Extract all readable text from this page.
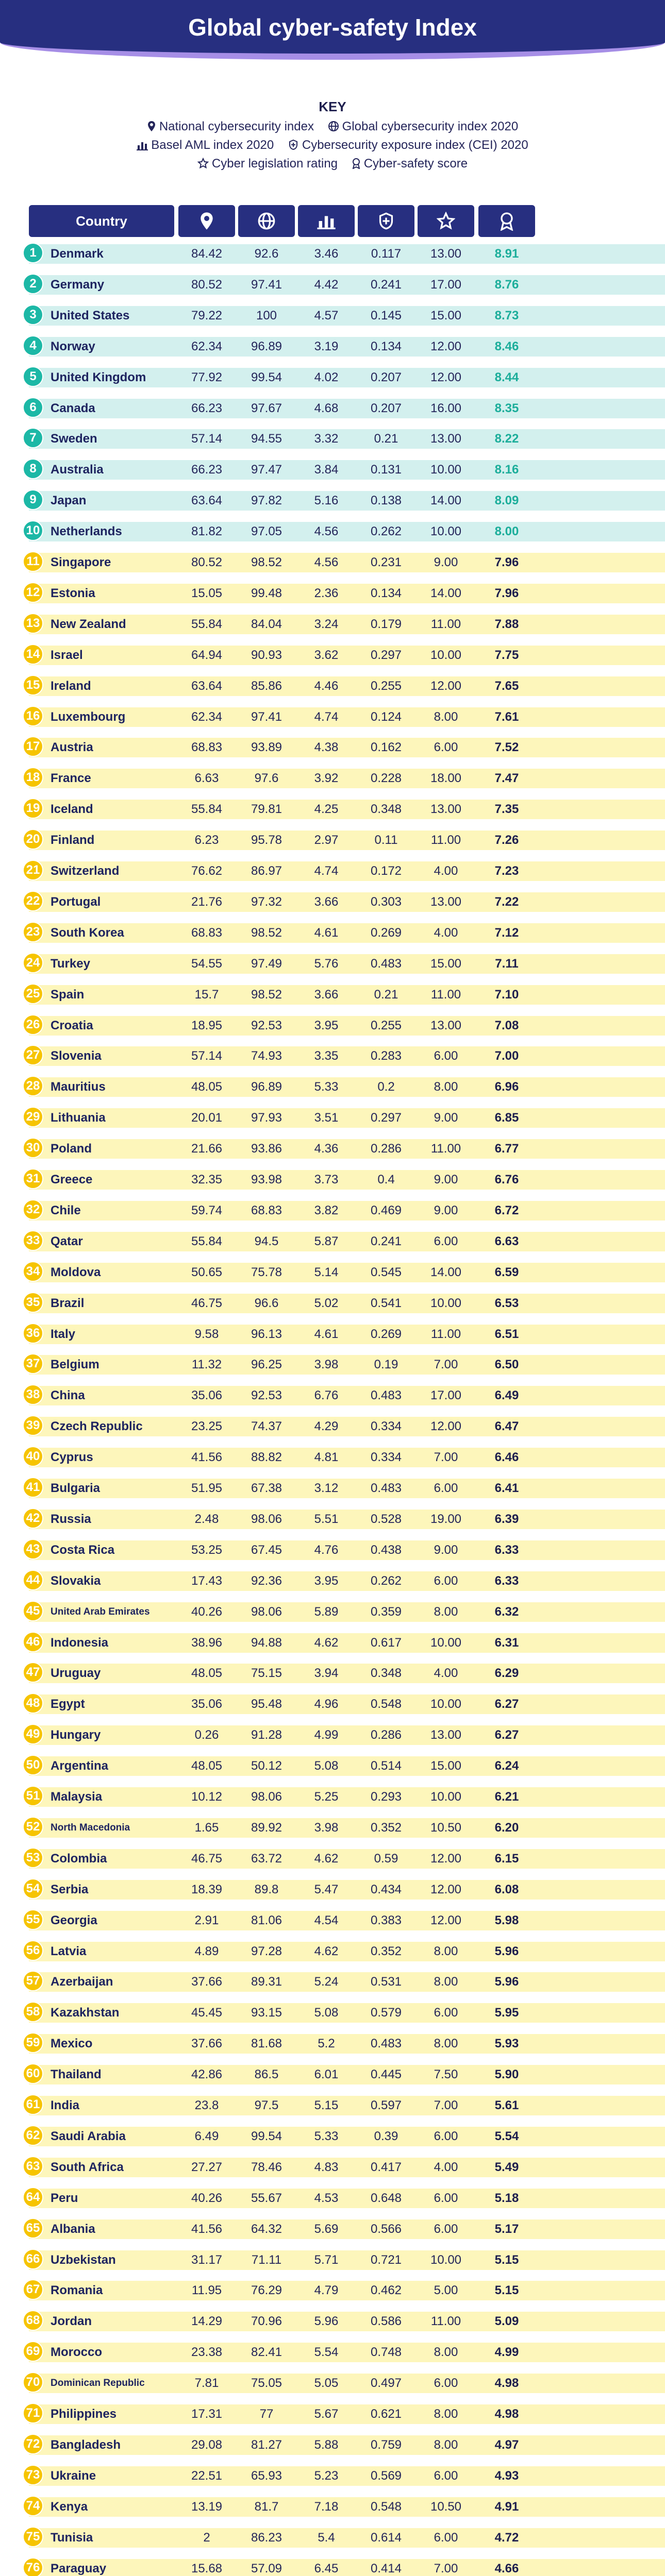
Global cyber-safety Index
KEY
National cybersecurity index Global cybersecurity index 2020
Basel AML index 2020 Cybersecurity exposure index (CEI) 2020
Cyber legislation rating Cyber-safety score
Country
1	Denmark	84.42	92.6	3.46	0.117	13.00	8.91
2	Germany	80.52	97.41	4.42	0.241	17.00	8.76
3	United States	79.22	100	4.57	0.145	15.00	8.73
4	Norway	62.34	96.89	3.19	0.134	12.00	8.46
5	United Kingdom	77.92	99.54	4.02	0.207	12.00	8.44
6	Canada	66.23	97.67	4.68	0.207	16.00	8.35
7	Sweden	57.14	94.55	3.32	0.21	13.00	8.22
8	Australia	66.23	97.47	3.84	0.131	10.00	8.16
9	Japan	63.64	97.82	5.16	0.138	14.00	8.09
10 Netherlands	81.82	97.05	4.56	0.262	10.00	8.00
11 Singapore	80.52	98.52	4.56	0.231	9.00	7.96
12 Estonia	15.05	99.48	2.36	0.134	14.00	7.96
13 New Zealand	55.84	84.04	3.24	0.179	11.00	7.88
14 Israel	64.94	90.93	3.62	0.297	10.00	7.75
15 Ireland	63.64	85.86	4.46	0.255	12.00	7.65
16 Luxembourg	62.34	97.41	4.74	0.124	8.00	7.61
17 Austria	68.83	93.89	4.38	0.162	6.00	7.52
18 France	6.63	97.6	3.92	0.228	18.00	7.47
19 Iceland	55.84	79.81	4.25	0.348	13.00	7.35
20 Finland	6.23	95.78	2.97	0.11	11.00	7.26
21 Switzerland	76.62	86.97	4.74	0.172	4.00	7.23
22 Portugal	21.76	97.32	3.66	0.303	13.00	7.22
23 South Korea	68.83	98.52	4.61	0.269	4.00	7.12
24 Turkey	54.55	97.49	5.76	0.483	15.00	7.11
25 Spain	15.7	98.52	3.66	0.21	11.00	7.10
26 Croatia	18.95	92.53	3.95	0.255	13.00	7.08
27 Slovenia	57.14	74.93	3.35	0.283	6.00	7.00
28 Mauritius	48.05	96.89	5.33	0.2	8.00	6.96
29 Lithuania	20.01	97.93	3.51	0.297	9.00	6.85
30 Poland	21.66	93.86	4.36	0.286	11.00	6.77
31 Greece	32.35	93.98	3.73	0.4	9.00	6.76
32 Chile	59.74	68.83	3.82	0.469	9.00	6.72
33 Qatar	55.84	94.5	5.87	0.241	6.00	6.63
34 Moldova	50.65	75.78	5.14	0.545	14.00	6.59
35 Brazil	46.75	96.6	5.02	0.541	10.00	6.53
36 Italy	9.58	96.13	4.61	0.269	11.00	6.51
37 Belgium	11.32	96.25	3.98	0.19	7.00	6.50
38 China	35.06	92.53	6.76	0.483	17.00	6.49
39 Czech Republic	23.25	74.37	4.29	0.334	12.00	6.47
40 Cyprus	41.56	88.82	4.81	0.334	7.00	6.46
41 Bulgaria	51.95	67.38	3.12	0.483	6.00	6.41
42 Russia	2.48	98.06	5.51	0.528	19.00	6.39
43 Costa Rica	53.25	67.45	4.76	0.438	9.00	6.33
44 Slovakia	17.43	92.36	3.95	0.262	6.00	6.33
45	United Arab Emirates	40.26	98.06	5.89	0.359	8.00	6.32
46 Indonesia	38.96	94.88	4.62	0.617	10.00	6.31
47 Uruguay	48.05	75.15	3.94	0.348	4.00	6.29
48 Egypt	35.06	95.48	4.96	0.548	10.00	6.27
49 Hungary	0.26	91.28	4.99	0.286	13.00	6.27
50 Argentina	48.05	50.12	5.08	0.514	15.00	6.24
51 Malaysia	10.12	98.06	5.25	0.293	10.00	6.21
52	North Macedonia	1.65	89.92	3.98	0.352	10.50	6.20
53 Colombia	46.75	63.72	4.62	0.59	12.00	6.15
54 Serbia	18.39	89.8	5.47	0.434	12.00	6.08
55 Georgia	2.91	81.06	4.54	0.383	12.00	5.98
56 Latvia	4.89	97.28	4.62	0.352	8.00	5.96
57 Azerbaijan	37.66	89.31	5.24	0.531	8.00	5.96
58 Kazakhstan	45.45	93.15	5.08	0.579	6.00	5.95
59 Mexico	37.66	81.68	5.2	0.483	8.00	5.93
60 Thailand	42.86	86.5	6.01	0.445	7.50	5.90
61 India	23.8	97.5	5.15	0.597	7.00	5.61
62 Saudi Arabia	6.49	99.54	5.33	0.39	6.00	5.54
63 South Africa	27.27	78.46	4.83	0.417	4.00	5.49
64 Peru	40.26	55.67	4.53	0.648	6.00	5.18
65 Albania	41.56	64.32	5.69	0.566	6.00	5.17
66 Uzbekistan	31.17	71.11	5.71	0.721	10.00	5.15
67 Romania	11.95	76.29	4.79	0.462	5.00	5.15
68 Jordan	14.29	70.96	5.96	0.586	11.00	5.09
69 Morocco	23.38	82.41	5.54	0.748	8.00	4.99
70	Dominican Republic	7.81	75.05	5.05	0.497	6.00	4.98
71 Philippines	17.31	77	5.67	0.621	8.00	4.98
72 Bangladesh	29.08	81.27	5.88	0.759	8.00	4.97
73 Ukraine	22.51	65.93	5.23	0.569	6.00	4.93
74 Kenya	13.19	81.7	7.18	0.548	10.50	4.91
75 Tunisia	2	86.23	5.4	0.614	6.00	4.72
76 Paraguay	15.68	57.09	6.45	0.414	7.00	4.66
